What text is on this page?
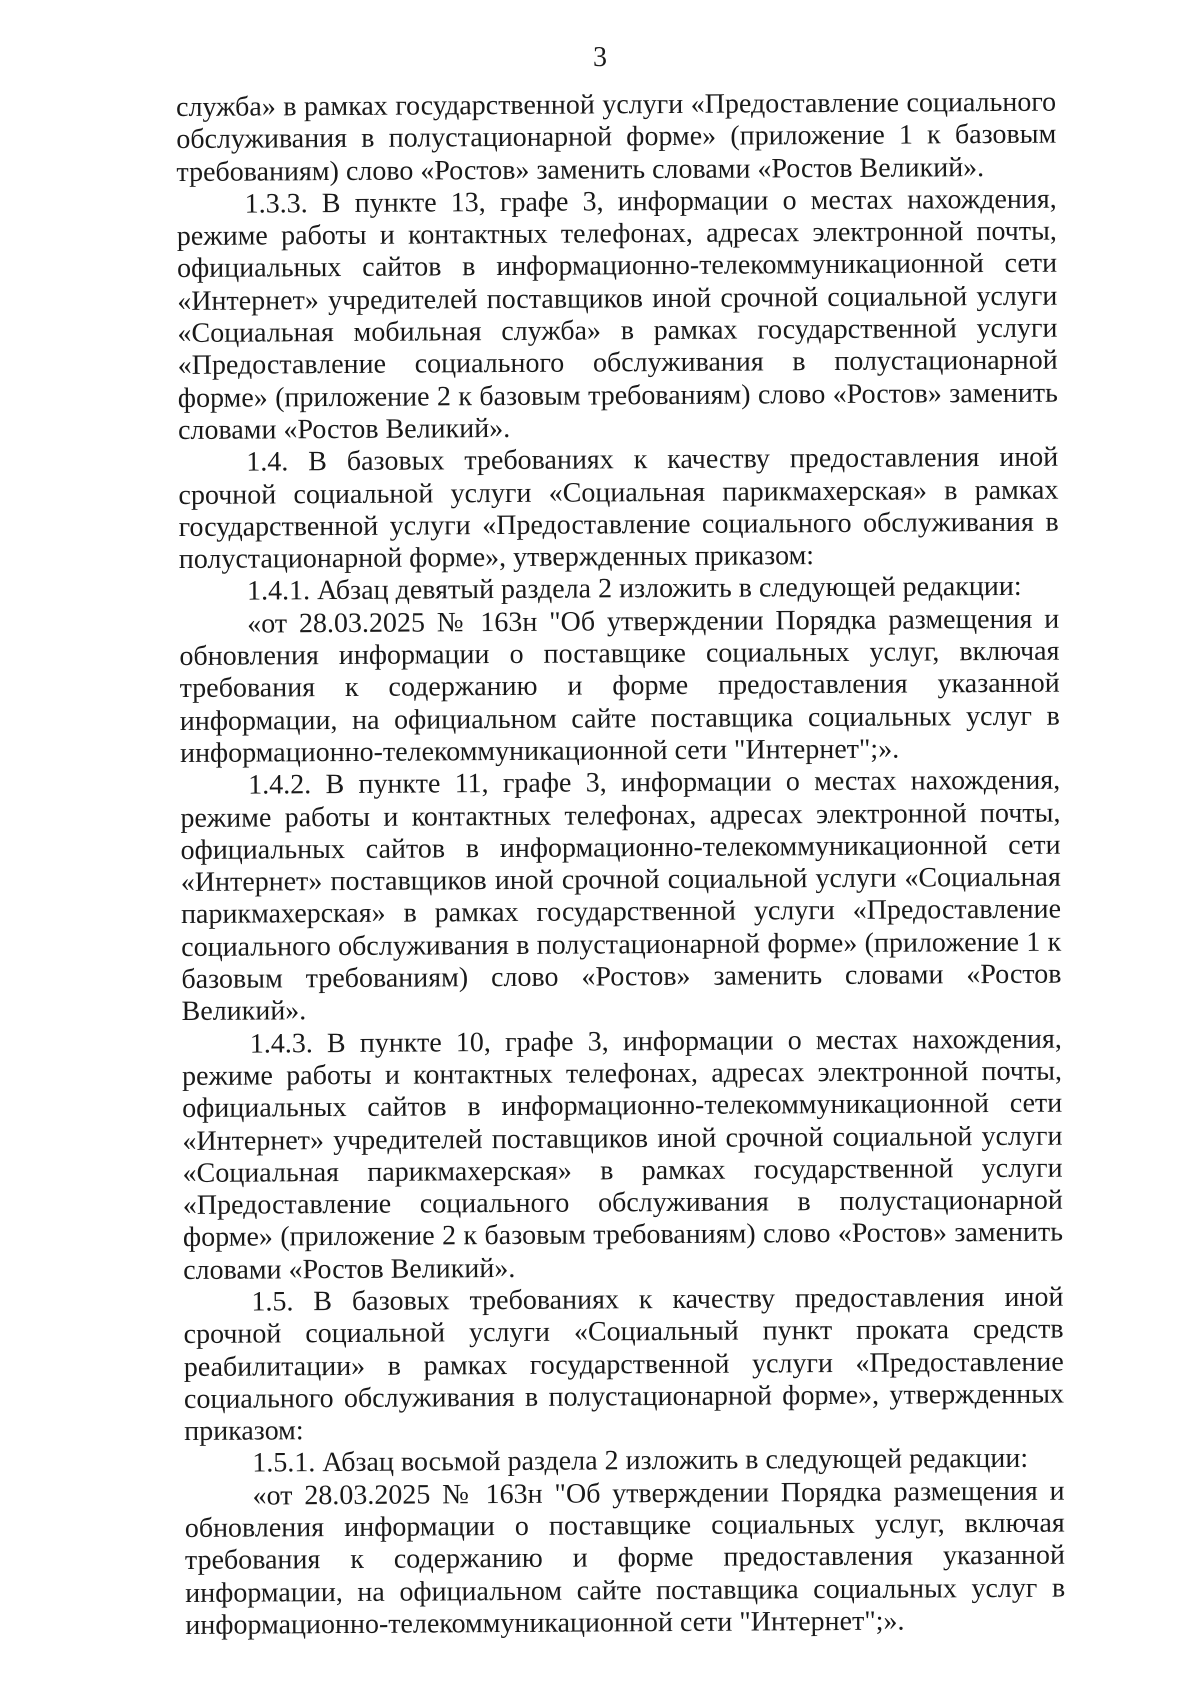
3

служба» в рамках государственной услуги «Предоставление социального обслуживания в полустационарной форме» (приложение 1 к базовым требованиям) слово «Ростов» заменить словами «Ростов Великий».

1.3.3. В пункте 13, графе 3, информации о местах нахождения, режиме работы и контактных телефонах, адресах электронной почты, официальных сайтов в информационно-телекоммуникационной сети «Интернет» учредителей поставщиков иной срочной социальной услуги «Социальная мобильная служба» в рамках государственной услуги «Предоставление социального обслуживания в полустационарной форме» (приложение 2 к базовым требованиям) слово «Ростов» заменить словами «Ростов Великий».

1.4. В базовых требованиях к качеству предоставления иной срочной социальной услуги «Социальная парикмахерская» в рамках государственной услуги «Предоставление социального обслуживания в полустационарной форме», утвержденных приказом:

1.4.1. Абзац девятый раздела 2 изложить в следующей редакции:

«от 28.03.2025 № 163н "Об утверждении Порядка размещения и обновления информации о поставщике социальных услуг, включая требования к содержанию и форме предоставления указанной информации, на официальном сайте поставщика социальных услуг в информационно-телекоммуникационной сети "Интернет";».

1.4.2. В пункте 11, графе 3, информации о местах нахождения, режиме работы и контактных телефонах, адресах электронной почты, официальных сайтов в информационно-телекоммуникационной сети «Интернет» поставщиков иной срочной социальной услуги «Социальная парикмахерская» в рамках государственной услуги «Предоставление социального обслуживания в полустационарной форме» (приложение 1 к базовым требованиям) слово «Ростов» заменить словами «Ростов Великий».

1.4.3. В пункте 10, графе 3, информации о местах нахождения, режиме работы и контактных телефонах, адресах электронной почты, официальных сайтов в информационно-телекоммуникационной сети «Интернет» учредителей поставщиков иной срочной социальной услуги «Социальная парикмахерская» в рамках государственной услуги «Предоставление социального обслуживания в полустационарной форме» (приложение 2 к базовым требованиям) слово «Ростов» заменить словами «Ростов Великий».

1.5. В базовых требованиях к качеству предоставления иной срочной социальной услуги «Социальный пункт проката средств реабилитации» в рамках государственной услуги «Предоставление социального обслуживания в полустационарной форме», утвержденных приказом:

1.5.1. Абзац восьмой раздела 2 изложить в следующей редакции:

«от 28.03.2025 № 163н "Об утверждении Порядка размещения и обновления информации о поставщике социальных услуг, включая требования к содержанию и форме предоставления указанной информации, на официальном сайте поставщика социальных услуг в информационно-телекоммуникационной сети "Интернет";».
